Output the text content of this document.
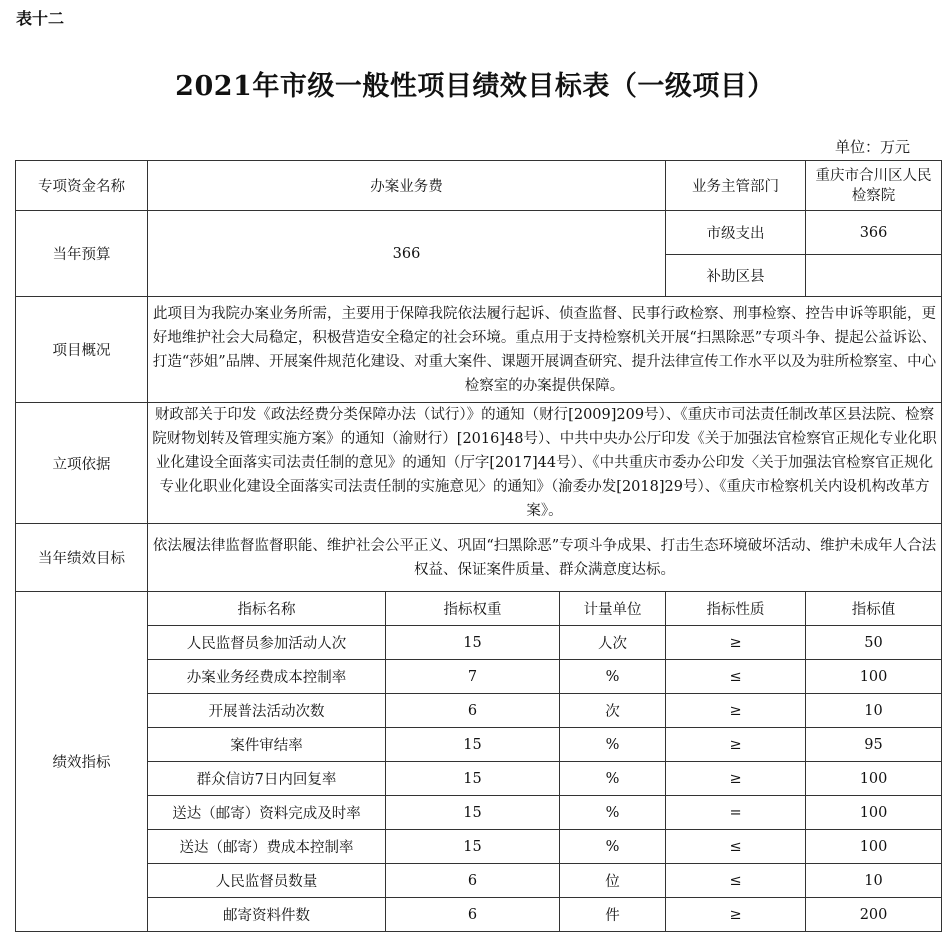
表十二
2021年市级一般性项目绩效目标表（一级项目）
单位：万元
专项资金名称	办案业务费			业务主管部门	重庆市合川区人民检察院
当年预算	366			市级支出	366
				补助区县	
项目概况	此项目为我院办案业务所需，主要用于保障我院依法履行起诉、侦查监督、民事行政检察、刑事检察、控告申诉等职能，更好地维护社会大局稳定，积极营造安全稳定的社会环境。重点用于支持检察机关开展“扫黑除恶”专项斗争、提起公益诉讼、打造“莎姐”品牌、开展案件规范化建设、对重大案件、课题开展调查研究、提升法律宣传工作水平以及为驻所检察室、中心检察室的办案提供保障。				
立项依据	财政部关于印发《政法经费分类保障办法（试行）》的通知（财行[2009]209号）、《重庆市司法责任制改革区县法院、检察院财物划转及管理实施方案》的通知（渝财行）[2016]48号）、中共中央办公厅印发《关于加强法官检察官正规化专业化职业化建设全面落实司法责任制的意见》的通知（厅字[2017]44号）、《中共重庆市委办公印发〈关于加强法官检察官正规化专业化职业化建设全面落实司法责任制的实施意见〉的通知》（渝委办发[2018]29号）、《重庆市检察机关内设机构改革方案》。				
当年绩效目标	依法履法律监督监督职能、维护社会公平正义、巩固“扫黑除恶”专项斗争成果、打击生态环境破坏活动、维护未成年人合法权益、保证案件质量、群众满意度达标。				
绩效指标	指标名称	指标权重	计量单位	指标性质	指标值
	人民监督员参加活动人次	15	人次	≥	50
	办案业务经费成本控制率	7	%	≤	100
	开展普法活动次数	6	次	≥	10
	案件审结率	15	%	≥	95
	群众信访7日内回复率	15	%	≥	100
	送达（邮寄）资料完成及时率	15	%	=	100
	送达（邮寄）费成本控制率	15	%	≤	100
	人民监督员数量	6	位	≤	10
	邮寄资料件数	6	件	≥	200
